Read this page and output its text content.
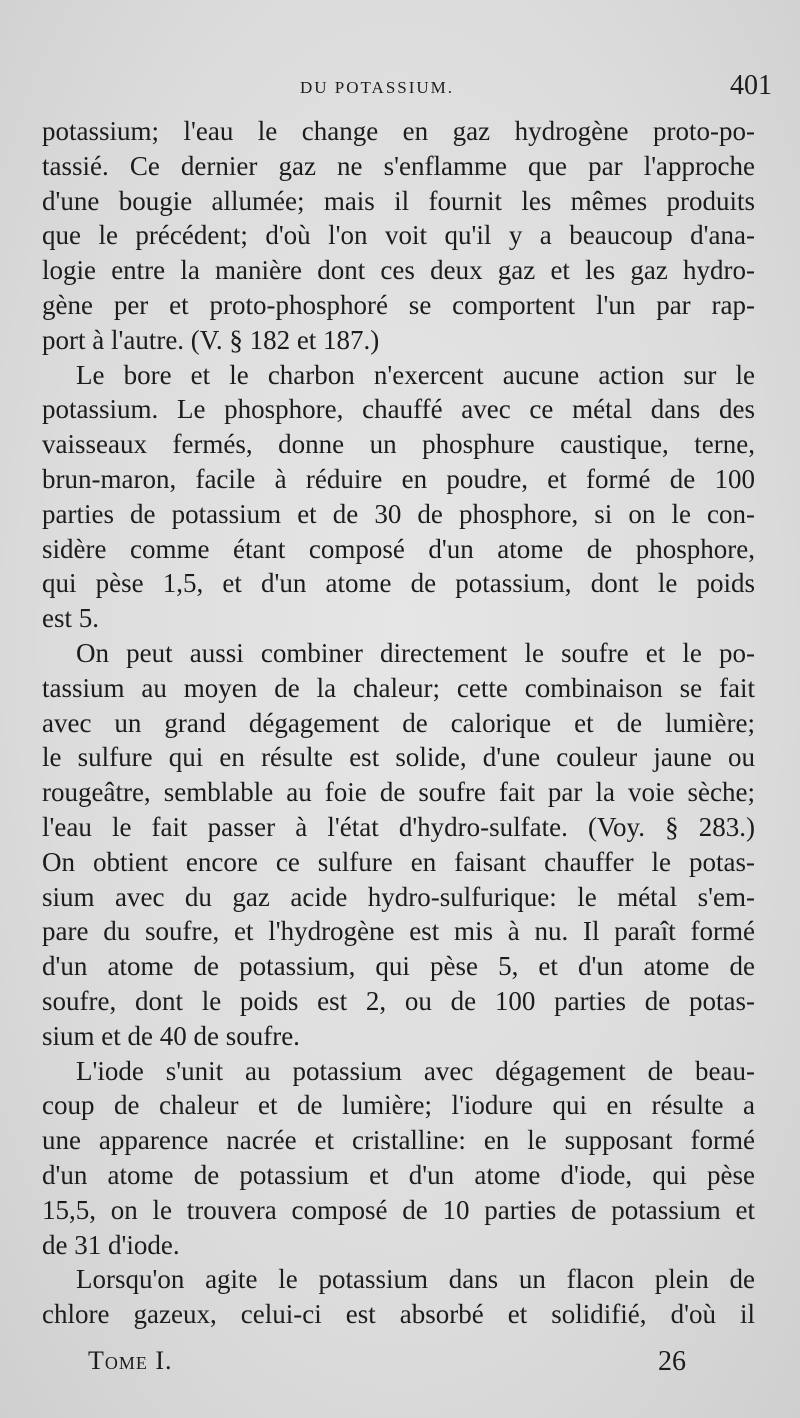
DU POTASSIUM.	401
potassium; l'eau le change en gaz hydrogène proto-po-
tassié. Ce dernier gaz ne s'enflamme que par l'approche
d'une bougie allumée; mais il fournit les mêmes produits
que le précédent; d'où l'on voit qu'il y a beaucoup d'ana-
logie entre la manière dont ces deux gaz et les gaz hydro-
gène per et proto-phosphoré se comportent l'un par rap-
port à l'autre. (V. § 182 et 187.)
Le bore et le charbon n'exercent aucune action sur le
potassium. Le phosphore, chauffé avec ce métal dans des
vaisseaux fermés, donne un phosphure caustique, terne,
brun-maron, facile à réduire en poudre, et formé de 100
parties de potassium et de 30 de phosphore, si on le con-
sidère comme étant composé d'un atome de phosphore,
qui pèse 1,5, et d'un atome de potassium, dont le poids
est 5.
On peut aussi combiner directement le soufre et le po-
tassium au moyen de la chaleur; cette combinaison se fait
avec un grand dégagement de calorique et de lumière;
le sulfure qui en résulte est solide, d'une couleur jaune ou
rougeâtre, semblable au foie de soufre fait par la voie sèche;
l'eau le fait passer à l'état d'hydro-sulfate. (Voy. § 283.)
On obtient encore ce sulfure en faisant chauffer le potas-
sium avec du gaz acide hydro-sulfurique: le métal s'em-
pare du soufre, et l'hydrogène est mis à nu. Il paraît formé
d'un atome de potassium, qui pèse 5, et d'un atome de
soufre, dont le poids est 2, ou de 100 parties de potas-
sium et de 40 de soufre.
L'iode s'unit au potassium avec dégagement de beau-
coup de chaleur et de lumière; l'iodure qui en résulte a
une apparence nacrée et cristalline: en le supposant formé
d'un atome de potassium et d'un atome d'iode, qui pèse
15,5, on le trouvera composé de 10 parties de potassium et
de 31 d'iode.
Lorsqu'on agite le potassium dans un flacon plein de
chlore gazeux, celui-ci est absorbé et solidifié, d'où il
Tome I.	26
